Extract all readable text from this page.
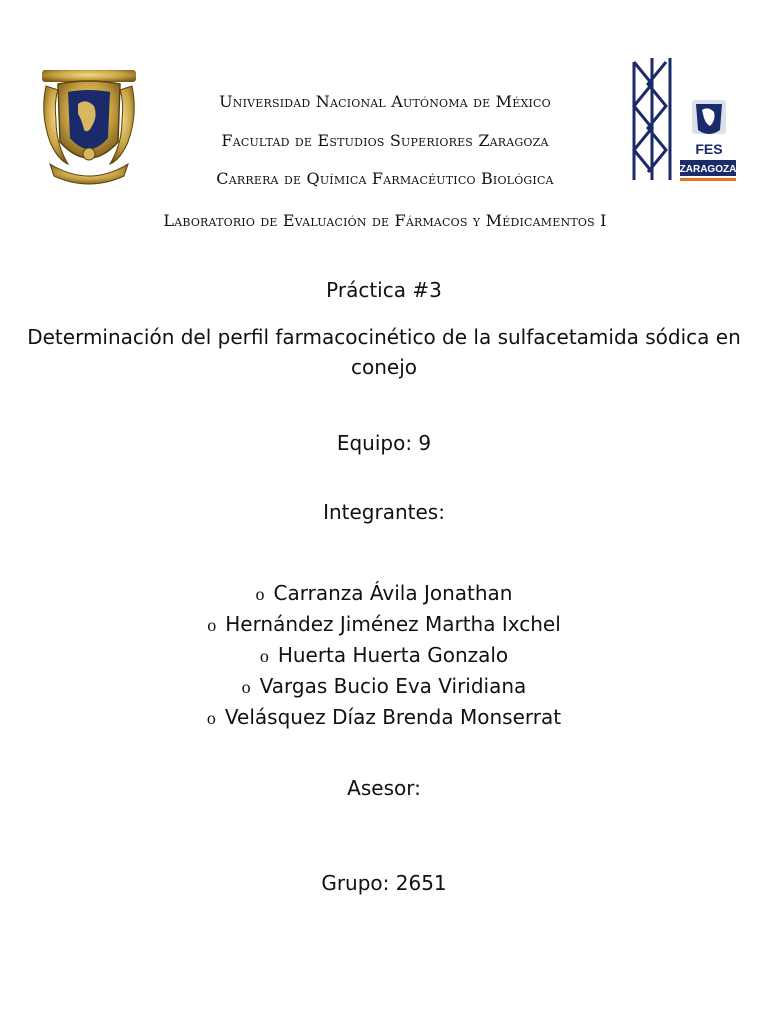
FES
ZARAGOZA
Universidad Nacional Autónoma de México
Facultad de Estudios Superiores Zaragoza
Carrera de Química Farmacéutico Biológica
Laboratorio de Evaluación de Fármacos y Médicamentos I
Práctica #3
Determinación del perfil farmacocinético de la sulfacetamida sódica en conejo
Equipo: 9
Integrantes:
o Carranza Ávila Jonathan
o Hernández Jiménez Martha Ixchel
o Huerta Huerta Gonzalo
o Vargas Bucio Eva Viridiana
o Velásquez Díaz Brenda Monserrat
Asesor:
Grupo: 2651
